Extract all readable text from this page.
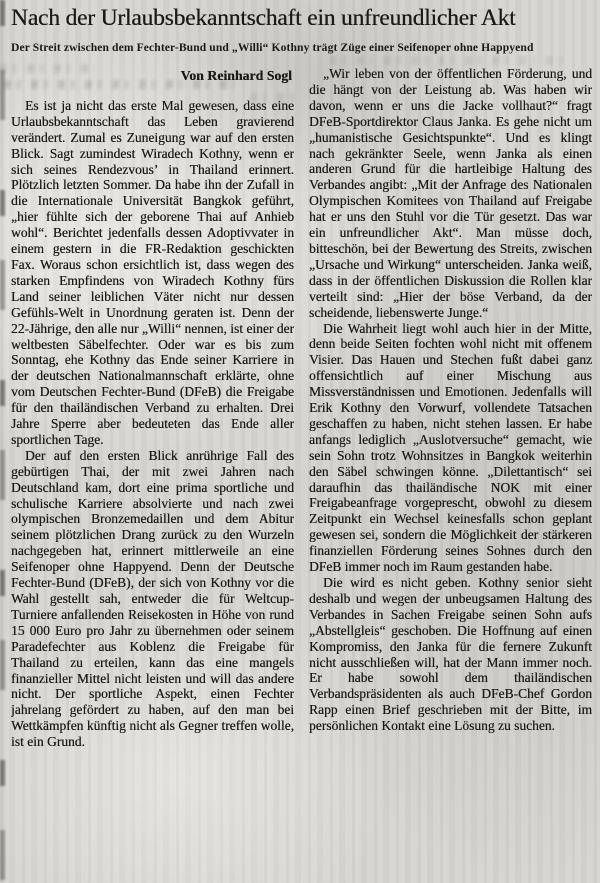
Nach der Urlaubsbekanntschaft ein unfreundlicher Akt
Der Streit zwischen dem Fechter-Bund und „Willi“ Kothny trägt Züge einer Seifenoper ohne Happyend
Von Reinhard Sogl

Es ist ja nicht das erste Mal gewesen, dass eine Urlaubsbekanntschaft das Leben gravierend verändert. Zumal es Zuneigung war auf den ersten Blick. Sagt zumindest Wiradech Kothny, wenn er sich seines Rendezvous’ in Thailand erinnert. Plötzlich letzten Sommer. Da habe ihn der Zufall in die Internationale Universität Bangkok geführt, „hier fühlte sich der geborene Thai auf Anhieb wohl“. Berichtet jedenfalls dessen Adoptivvater in einem gestern in die FR-Redaktion geschickten Fax. Woraus schon ersichtlich ist, dass wegen des starken Empfindens von Wiradech Kothny fürs Land seiner leiblichen Väter nicht nur dessen Gefühls-Welt in Unordnung geraten ist. Denn der 22-Jährige, den alle nur „Willi“ nennen, ist einer der weltbesten Säbelfechter. Oder war es bis zum Sonntag, ehe Kothny das Ende seiner Karriere in der deutschen Nationalmannschaft erklärte, ohne vom Deutschen Fechter-Bund (DFeB) die Freigabe für den thailändischen Verband zu erhalten. Drei Jahre Sperre aber bedeuteten das Ende aller sportlichen Tage.

Der auf den ersten Blick anrührige Fall des gebürtigen Thai, der mit zwei Jahren nach Deutschland kam, dort eine prima sportliche und schulische Karriere absolvierte und nach zwei olympischen Bronzemedaillen und dem Abitur seinem plötzlichen Drang zurück zu den Wurzeln nachgegeben hat, erinnert mittlerweile an eine Seifenoper ohne Happyend. Denn der Deutsche Fechter-Bund (DFeB), der sich von Kothny vor die Wahl gestellt sah, entweder die für Weltcup-Turniere anfallenden Reisekosten in Höhe von rund 15 000 Euro pro Jahr zu übernehmen oder seinem Paradefechter aus Koblenz die Freigabe für Thailand zu erteilen, kann das eine mangels finanzieller Mittel nicht leisten und will das andere nicht. Der sportliche Aspekt, einen Fechter jahrelang gefördert zu haben, auf den man bei Wettkämpfen künftig nicht als Gegner treffen wolle, ist ein Grund.

„Wir leben von der öffentlichen Förderung, und die hängt von der Leistung ab. Was haben wir davon, wenn er uns die Jacke vollhaut?“ fragt DFeB-Sportdirektor Claus Janka. Es gehe nicht um „humanistische Gesichtspunkte“. Und es klingt nach gekränkter Seele, wenn Janka als einen anderen Grund für die hartleibige Haltung des Verbandes angibt: „Mit der Anfrage des Nationalen Olympischen Komitees von Thailand auf Freigabe hat er uns den Stuhl vor die Tür gesetzt. Das war ein unfreundlicher Akt“. Man müsse doch, bitteschön, bei der Bewertung des Streits, zwischen „Ursache und Wirkung“ unterscheiden. Janka weiß, dass in der öffentlichen Diskussion die Rollen klar verteilt sind: „Hier der böse Verband, da der scheidende, liebenswerte Junge.“

Die Wahrheit liegt wohl auch hier in der Mitte, denn beide Seiten fochten wohl nicht mit offenem Visier. Das Hauen und Stechen fußt dabei ganz offensichtlich auf einer Mischung aus Missverständnissen und Emotionen. Jedenfalls will Erik Kothny den Vorwurf, vollendete Tatsachen geschaffen zu haben, nicht stehen lassen. Er habe anfangs lediglich „Auslotversuche“ gemacht, wie sein Sohn trotz Wohnsitzes in Bangkok weiterhin den Säbel schwingen könne. „Dilettantisch“ sei daraufhin das thailändische NOK mit einer Freigabeanfrage vorgeprescht, obwohl zu diesem Zeitpunkt ein Wechsel keinesfalls schon geplant gewesen sei, sondern die Möglichkeit der stärkeren finanziellen Förderung seines Sohnes durch den DFeB immer noch im Raum gestanden habe.

Die wird es nicht geben. Kothny senior sieht deshalb und wegen der unbeugsamen Haltung des Verbandes in Sachen Freigabe seinen Sohn aufs „Abstellgleis“ geschoben. Die Hoffnung auf einen Kompromiss, den Janka für die fernere Zukunft nicht ausschließen will, hat der Mann immer noch. Er habe sowohl dem thailändischen Verbandspräsidenten als auch DFeB-Chef Gordon Rapp einen Brief geschrieben mit der Bitte, im persönlichen Kontakt eine Lösung zu suchen.
